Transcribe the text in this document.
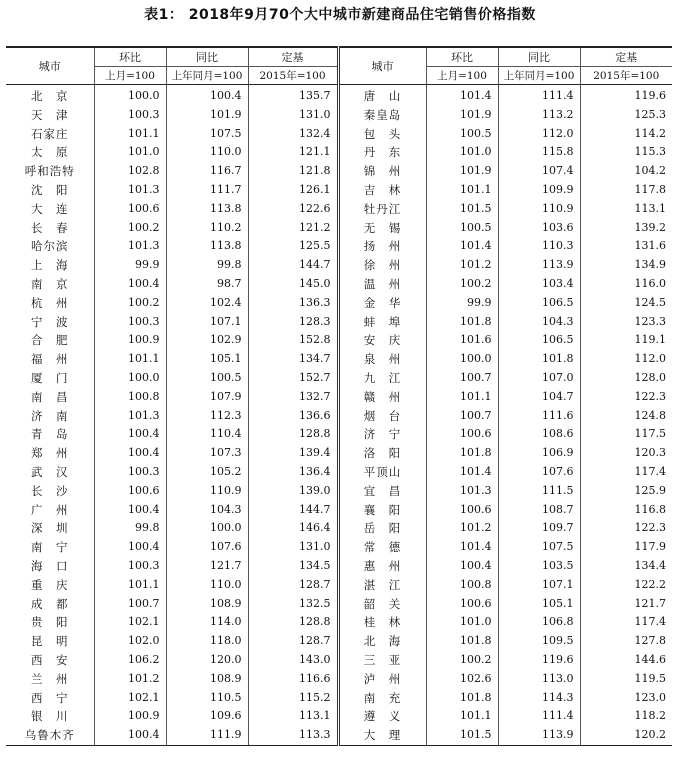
表1： 2018年9月70个大中城市新建商品住宅销售价格指数
城市	环比	同比	定基	城市	环比	同比	定基
	上月=100	上年同月=100	2015年=100		上月=100	上年同月=100	2015年=100
北　京	100.0	100.4	135.7	唐　山	101.4	111.4	119.6
天　津	100.3	101.9	131.0	秦皇岛	101.9	113.2	125.3
石家庄	101.1	107.5	132.4	包　头	100.5	112.0	114.2
太　原	101.0	110.0	121.1	丹　东	101.0	115.8	115.3
呼和浩特	102.8	116.7	121.8	锦　州	101.9	107.4	104.2
沈　阳	101.3	111.7	126.1	吉　林	101.1	109.9	117.8
大　连	100.6	113.8	122.6	牡丹江	101.5	110.9	113.1
长　春	100.2	110.2	121.2	无　锡	100.5	103.6	139.2
哈尔滨	101.3	113.8	125.5	扬　州	101.4	110.3	131.6
上　海	99.9	99.8	144.7	徐　州	101.2	113.9	134.9
南　京	100.4	98.7	145.0	温　州	100.2	103.4	116.0
杭　州	100.2	102.4	136.3	金　华	99.9	106.5	124.5
宁　波	100.3	107.1	128.3	蚌　埠	101.8	104.3	123.3
合　肥	100.9	102.9	152.8	安　庆	101.6	106.5	119.1
福　州	101.1	105.1	134.7	泉　州	100.0	101.8	112.0
厦　门	100.0	100.5	152.7	九　江	100.7	107.0	128.0
南　昌	100.8	107.9	132.7	赣　州	101.1	104.7	122.3
济　南	101.3	112.3	136.6	烟　台	100.7	111.6	124.8
青　岛	100.4	110.4	128.8	济　宁	100.6	108.6	117.5
郑　州	100.4	107.3	139.4	洛　阳	101.8	106.9	120.3
武　汉	100.3	105.2	136.4	平顶山	101.4	107.6	117.4
长　沙	100.6	110.9	139.0	宜　昌	101.3	111.5	125.9
广　州	100.4	104.3	144.7	襄　阳	100.6	108.7	116.8
深　圳	99.8	100.0	146.4	岳　阳	101.2	109.7	122.3
南　宁	100.4	107.6	131.0	常　德	101.4	107.5	117.9
海　口	100.3	121.7	134.5	惠　州	100.4	103.5	134.4
重　庆	101.1	110.0	128.7	湛　江	100.8	107.1	122.2
成　都	100.7	108.9	132.5	韶　关	100.6	105.1	121.7
贵　阳	102.1	114.0	128.8	桂　林	101.0	106.8	117.4
昆　明	102.0	118.0	128.7	北　海	101.8	109.5	127.8
西　安	106.2	120.0	143.0	三　亚	100.2	119.6	144.6
兰　州	101.2	108.9	116.6	泸　州	102.6	113.0	119.5
西　宁	102.1	110.5	115.2	南　充	101.8	114.3	123.0
银　川	100.9	109.6	113.1	遵　义	101.1	111.4	118.2
乌鲁木齐	100.4	111.9	113.3	大　理	101.5	113.9	120.2
